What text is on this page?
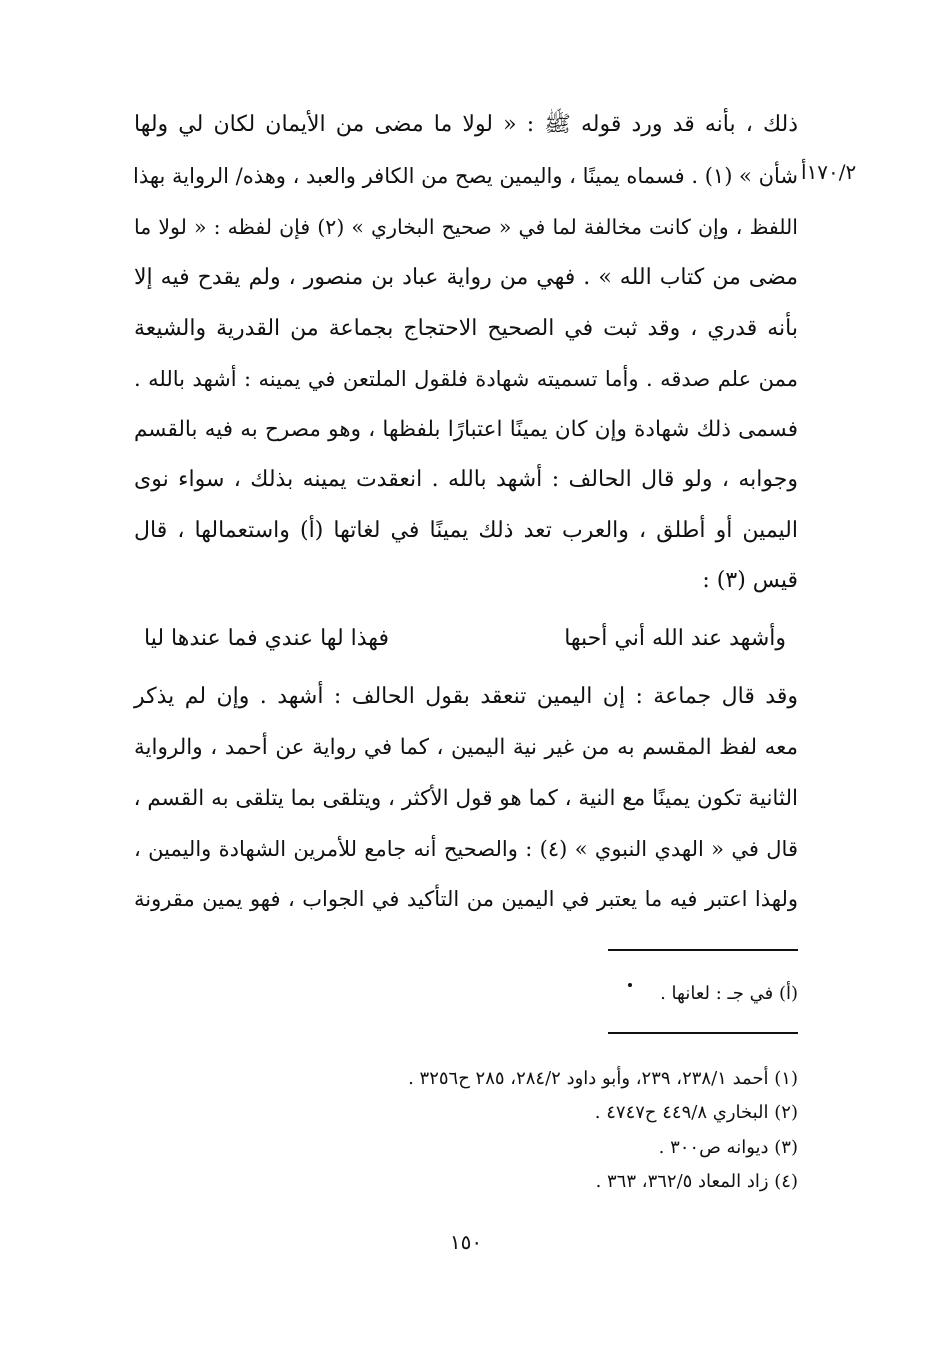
١٧٠/٢أ
ذلك ، بأنه قد ورد قوله ﷺ : « لولا ما مضى من الأيمان لكان لي ولها
شأن » (١) . فسماه يمينًا ، واليمين يصح من الكافر والعبد ، وهذه/ الرواية بهذا
اللفظ ، وإن كانت مخالفة لما في « صحيح البخاري » (٢) فإن لفظه : « لولا ما
مضى من كتاب الله » . فهي من رواية عباد بن منصور ، ولم يقدح فيه إلا
بأنه قدري ، وقد ثبت في الصحيح الاحتجاج بجماعة من القدرية والشيعة
ممن علم صدقه . وأما تسميته شهادة فلقول الملتعن في يمينه : أشهد بالله .
فسمى ذلك شهادة وإن كان يمينًا اعتبارًا بلفظها ، وهو مصرح به فيه بالقسم
وجوابه ، ولو قال الحالف : أشهد بالله . انعقدت يمينه بذلك ، سواء نوى
اليمين أو أطلق ، والعرب تعد ذلك يمينًا في لغاتها (أ) واستعمالها ، قال
قيس (٣) :
وأشهد عند الله أني أحبها
فهذا لها عندي فما عندها ليا
وقد قال جماعة : إن اليمين تنعقد بقول الحالف : أشهد . وإن لم يذكر
معه لفظ المقسم به من غير نية اليمين ، كما في رواية عن أحمد ، والرواية
الثانية تكون يمينًا مع النية ، كما هو قول الأكثر ، ويتلقى بما يتلقى به القسم ،
قال في « الهدي النبوي » (٤) : والصحيح أنه جامع للأمرين الشهادة واليمين ،
ولهذا اعتبر فيه ما يعتبر في اليمين من التأكيد في الجواب ، فهو يمين مقرونة
(أ) في جـ : لعانها .
(١) أحمد ٢٣٨/١، ٢٣٩، وأبو داود ٢٨٤/٢، ٢٨٥ ح٣٢٥٦ .
(٢) البخاري ٤٤٩/٨ ح٤٧٤٧ .
(٣) ديوانه ص٣٠٠ .
(٤) زاد المعاد ٣٦٢/٥، ٣٦٣ .
١٥٠
